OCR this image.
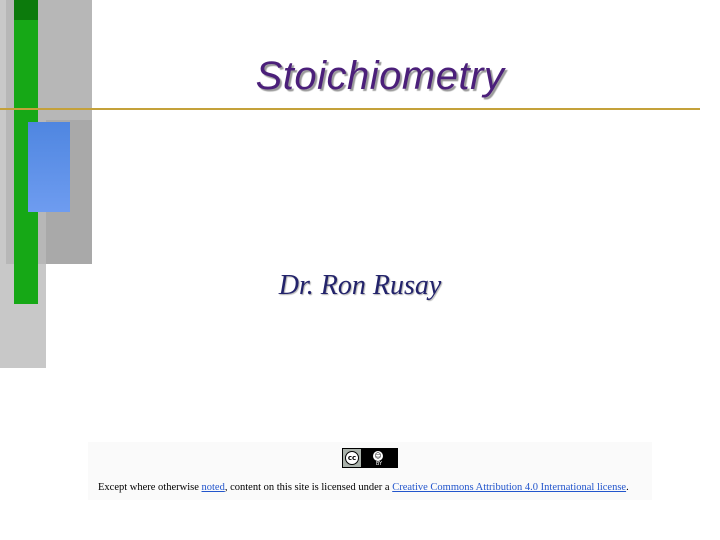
Stoichiometry
Dr. Ron Rusay
cc	☺
BY
Except where otherwise noted, content on this site is licensed under a Creative Commons Attribution 4.0 International license.
